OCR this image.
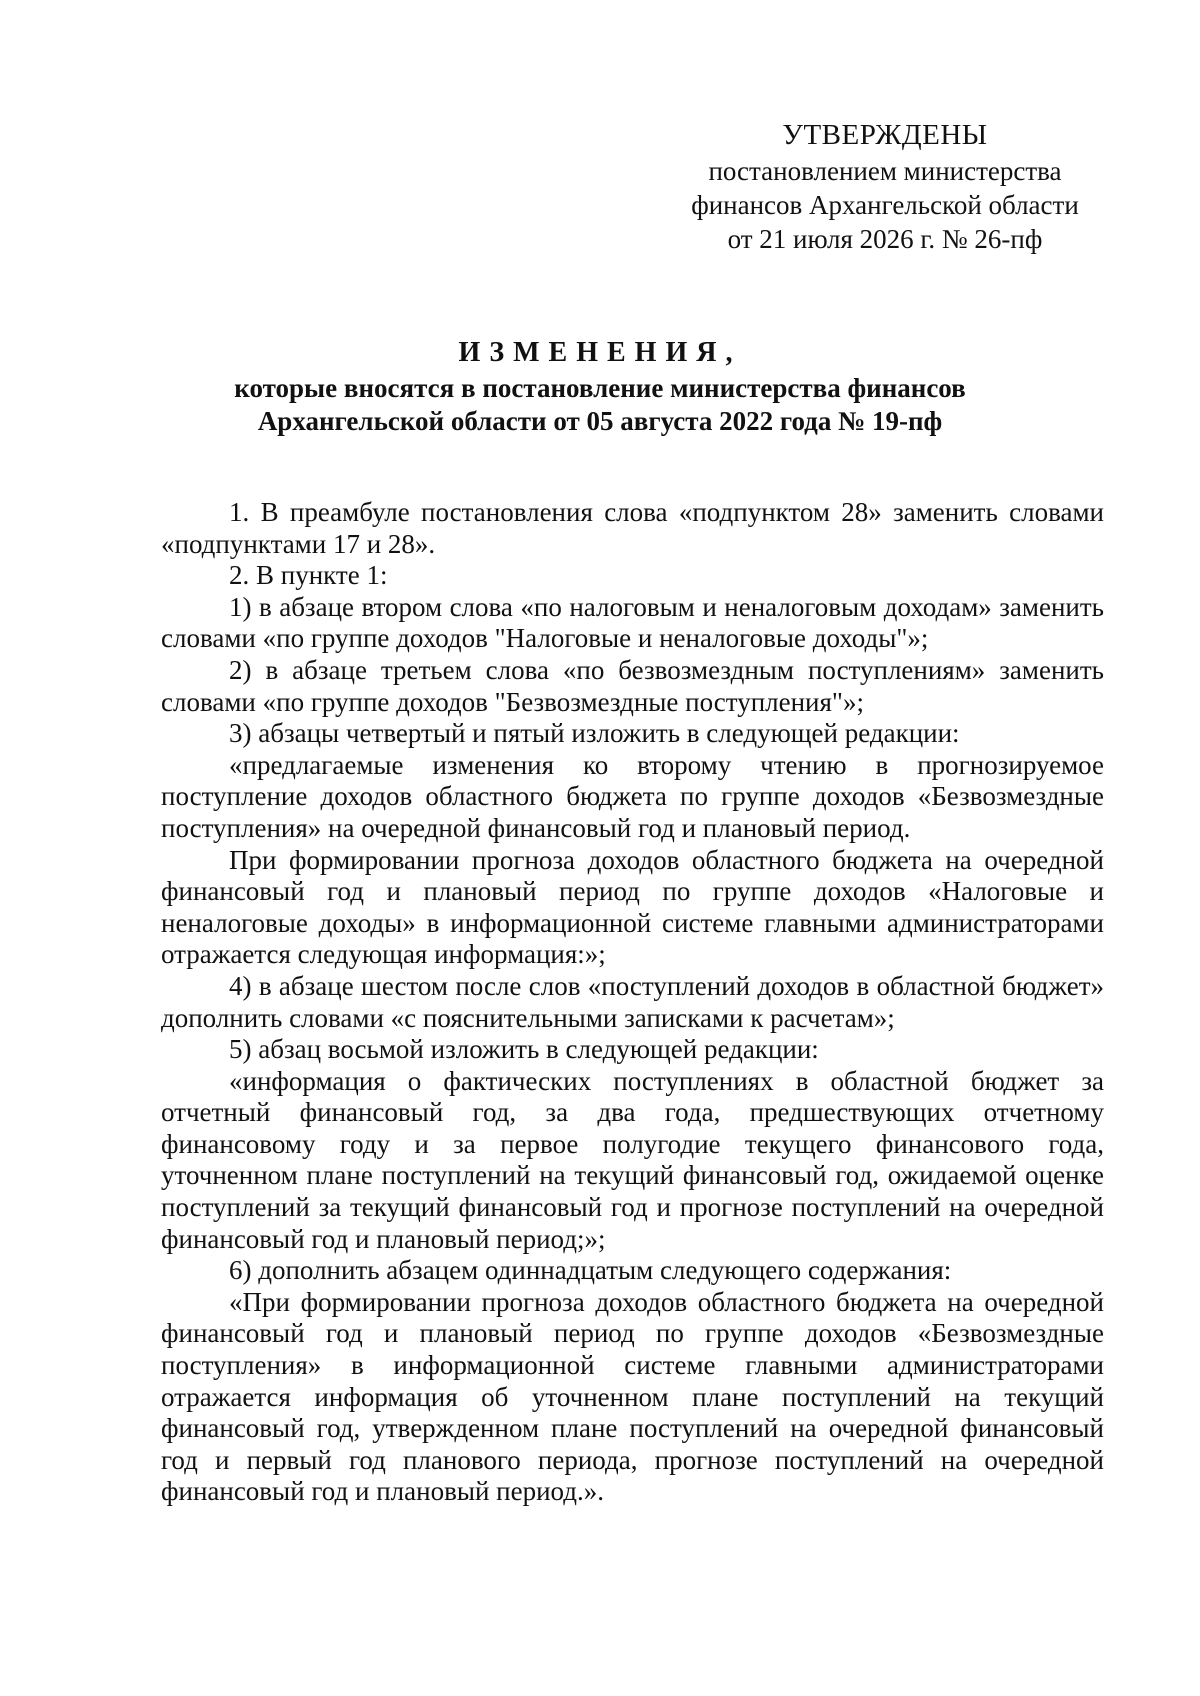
УТВЕРЖДЕНЫ
постановлением министерства
финансов Архангельской области
от 21 июля 2026 г. № 26-пф
ИЗМЕНЕНИЯ,
которые вносятся в постановление министерства финансов
Архангельской области от 05 августа 2022 года № 19-пф

1. В преамбуле постановления слова «подпунктом 28» заменить словами «подпунктами 17 и 28».

2. В пункте 1:

1) в абзаце втором слова «по налоговым и неналоговым доходам» заменить словами «по группе доходов "Налоговые и неналоговые доходы"»;

2) в абзаце третьем слова «по безвозмездным поступлениям» заменить словами «по группе доходов "Безвозмездные поступления"»;

3) абзацы четвертый и пятый изложить в следующей редакции:

«предлагаемые изменения ко второму чтению в прогнозируемое поступление доходов областного бюджета по группе доходов «Безвозмездные поступления» на очередной финансовый год и плановый период.

При формировании прогноза доходов областного бюджета на очередной финансовый год и плановый период по группе доходов «Налоговые и неналоговые доходы» в информационной системе главными администраторами отражается следующая информация:»;

4) в абзаце шестом после слов «поступлений доходов в областной бюджет» дополнить словами «с пояснительными записками к расчетам»;

5) абзац восьмой изложить в следующей редакции:

«информация о фактических поступлениях в областной бюджет за отчетный финансовый год, за два года, предшествующих отчетному финансовому году и за первое полугодие текущего финансового года, уточненном плане поступлений на текущий финансовый год, ожидаемой оценке поступлений за текущий финансовый год и прогнозе поступлений на очередной финансовый год и плановый период;»;

6) дополнить абзацем одиннадцатым следующего содержания:

«При формировании прогноза доходов областного бюджета на очередной финансовый год и плановый период по группе доходов «Безвозмездные поступления» в информационной системе главными администраторами отражается информация об уточненном плане поступлений на текущий финансовый год, утвержденном плане поступлений на очередной финансовый год и первый год планового периода, прогнозе поступлений на очередной финансовый год и плановый период.».
